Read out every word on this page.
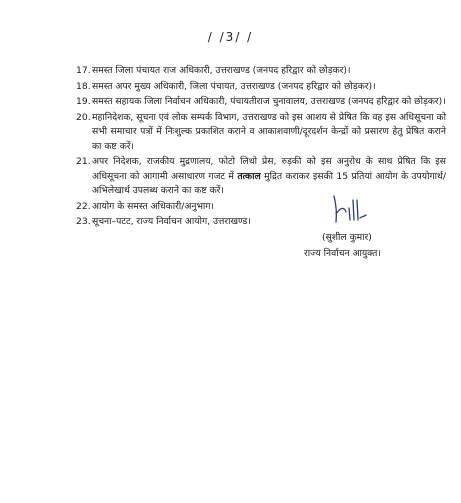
/ /3/ /
17. समस्त जिला पंचायत राज अधिकारी, उत्तराखण्ड (जनपद हरिद्वार को छोड़कर)।
18. समस्त अपर मुख्य अधिकारी, जिला पंचायत, उत्तराखण्ड (जनपद हरिद्वार को छोड़कर)।
19. समस्त सहायक जिला निर्वाचन अधिकारी, पंचायतीराज चुनावालय, उत्तराखण्ड (जनपद हरिद्वार को छोड़कर)।
20. महानिदेशक, सूचना एवं लोक सम्पर्क विभाग, उत्तराखण्ड को इस आशय से प्रेषित कि वह इस अधिसूचना को सभी समाचार पत्रों में निःशुल्क प्रकाशित कराने व आकाशवाणी/दूरदर्शन केन्द्रों को प्रसारण हेतु प्रेषित कराने का कष्ट करें।
21. अपर निदेशक, राजकीय मुद्रणालय, फोटो लिथो प्रेस, रुड़की को इस अनुरोध के साथ प्रेषित कि इस अधिसूचना को आगामी असाधारण गजट में तत्काल मुद्रित कराकर इसकी 15 प्रतियां आयोग के उपयोगार्थ/अभिलेखार्थ उपलब्ध कराने का कष्ट करें।
22. आयोग के समस्त अधिकारी/अनुभाग।
23. सूचना–पटट, राज्य निर्वाचन आयोग, उत्तराखण्ड।
(सुशील कुमार)
राज्य निर्वाचन आयुक्त।
